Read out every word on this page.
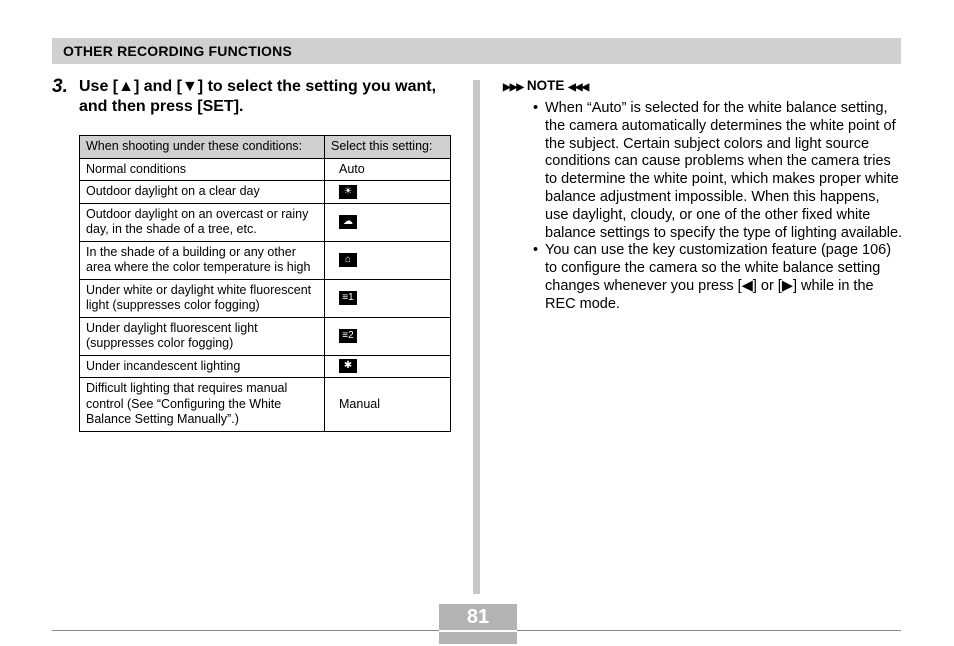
OTHER RECORDING FUNCTIONS
3. Use [▲] and [▼] to select the setting you want, and then press [SET].
When shooting under these conditions:	Select this setting:
Normal conditions	Auto
Outdoor daylight on a clear day	☀
Outdoor daylight on an overcast or rainy day, in the shade of a tree, etc.	☁
In the shade of a building or any other area where the color temperature is high	⌂
Under white or daylight white fluorescent light (suppresses color fogging)	≡1
Under daylight fluorescent light (suppresses color fogging)	≡2
Under incandescent lighting	✱
Difficult lighting that requires manual control (See “Configuring the White Balance Setting Manually”.)	Manual
▶▶▶ NOTE ◀◀◀
• When “Auto” is selected for the white balance setting, the camera automatically determines the white point of the subject. Certain subject colors and light source conditions can cause problems when the camera tries to determine the white point, which makes proper white balance adjustment impossible. When this happens, use daylight, cloudy, or one of the other fixed white balance settings to specify the type of lighting available.
• You can use the key customization feature (page 106) to configure the camera so the white balance setting changes whenever you press [◀] or [▶] while in the REC mode.
81
